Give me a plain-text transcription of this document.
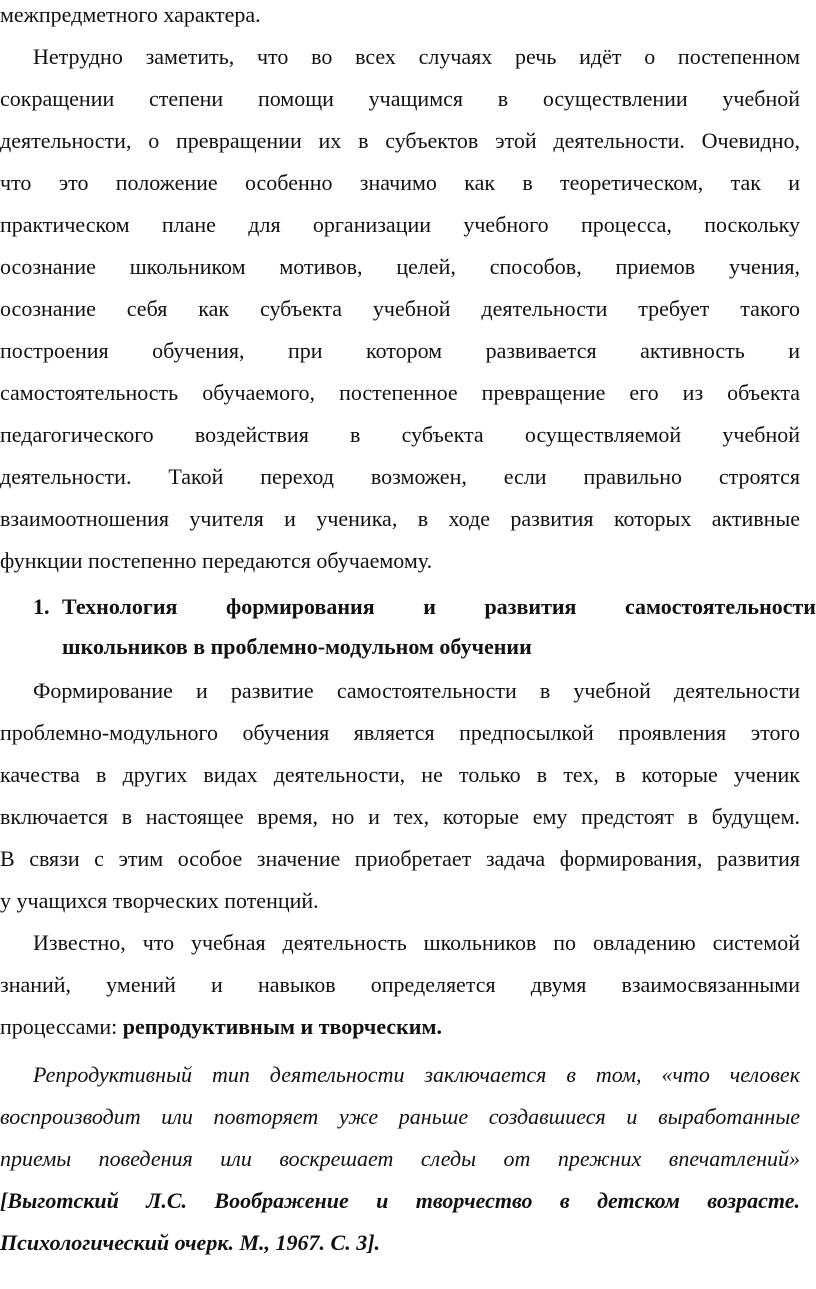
межпредметного характера.
Нетрудно заметить, что во всех случаях речь идёт о постепенном
сокращении степени помощи учащимся в осуществлении учебной
деятельности, о превращении их в субъектов этой деятельности. Очевидно,
что это положение особенно значимо как в теоретическом, так и
практическом плане для организации учебного процесса, поскольку
осознание школьником мотивов, целей, способов, приемов учения,
осознание себя как субъекта учебной деятельности требует такого
построения обучения, при котором развивается активность и
самостоятельность обучаемого, постепенное превращение его из объекта
педагогического воздействия в субъекта осуществляемой учебной
деятельности. Такой переход возможен, если правильно строятся
взаимоотношения учителя и ученика, в ходе развития которых активные
функции постепенно передаются обучаемому.
1. Технология формирования и развития самостоятельности
школьников в проблемно-модульном обучении
Формирование и развитие самостоятельности в учебной деятельности
проблемно-модульного обучения является предпосылкой проявления этого
качества в других видах деятельности, не только в тех, в которые ученик
включается в настоящее время, но и тех, которые ему предстоят в будущем.
В связи с этим особое значение приобретает задача формирования, развития
у учащихся творческих потенций.
Известно, что учебная деятельность школьников по овладению системой
знаний, умений и навыков определяется двумя взаимосвязанными
процессами: репродуктивным и творческим.
Репродуктивный тип деятельности заключается в том, «что человек
воспроизводит или повторяет уже раньше создавшиеся и выработанные
приемы поведения или воскрешает следы от прежних впечатлений»
[Выготский Л.С. Воображение и творчество в детском возрасте.
Психологический очерк. М., 1967. С. 3].
